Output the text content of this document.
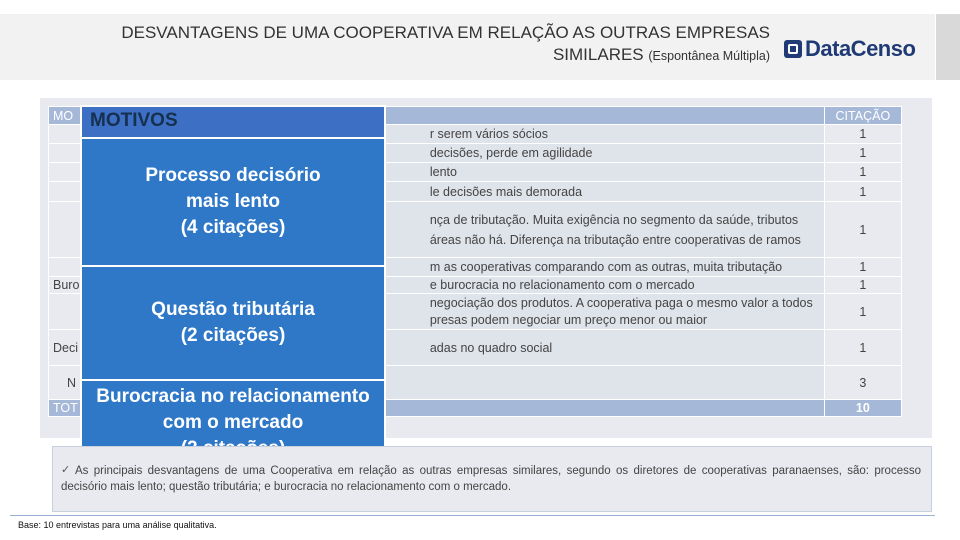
DESVANTAGENS DE UMA COOPERATIVA EM RELAÇÃO AS OUTRAS EMPRESAS
SIMILARES (Espontânea Múltipla) DataCenso
MO		CITAÇÃO
	r serem vários sócios	1
	decisões, perde em agilidade	1
	lento	1
	le decisões mais demorada	1
	nça de tributação. Muita exigência no segmento da saúde, tributos áreas não há. Diferença na tributação entre cooperativas de ramos	1
	m as cooperativas comparando com as outras, muita tributação	1
Buro	e burocracia no relacionamento com o mercado	1
	negociação dos produtos. A cooperativa paga o mesmo valor a todos presas podem negociar um preço menor ou maior	1
Deci	adas no quadro social	1
N		3
TOT		10
MOTIVOS
Processo decisório
mais lento
(4 citações)
Questão tributária
(2 citações)
Burocracia no relacionamento
com o mercado
✓ As principais desvantagens de uma Cooperativa em relação as outras empresas similares, segundo os diretores de cooperativas paranaenses, são: processo decisório mais lento; questão tributária; e burocracia no relacionamento com o mercado.
Base: 10 entrevistas para uma análise qualitativa.
